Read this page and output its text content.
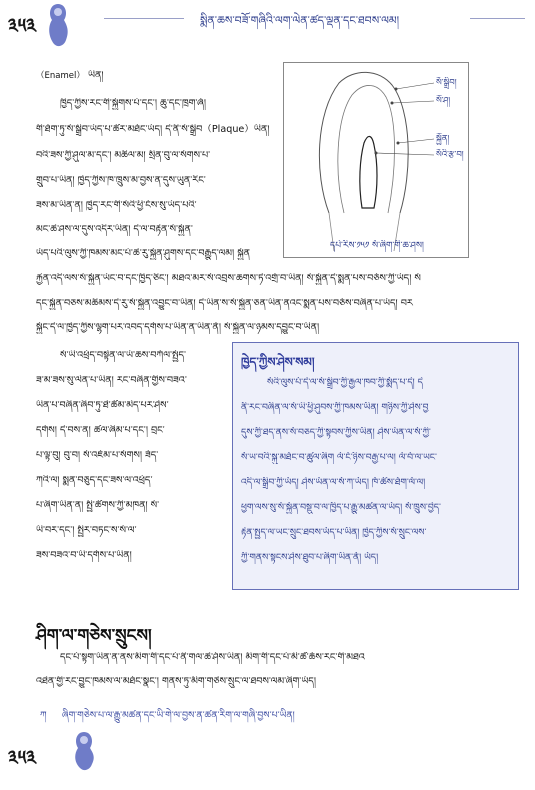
༣༥༣	སྨིན་ཆས་བཟོ་གཞིའི་ལག་ལེན་ཚད་ལྡན་དང་ཐབས་ལམ།
（Enamel） ཡིན།
ཁྱིད་ཀྱིས་རང་གི་སྐྱོགས་པོ་དང་། ཆུ་དང་ཁྲག་ཞོ།
གི་ཐོག་ཏུ་སོ་སྒྲིབ་ཡོད་པ་ཚོར་མཐོང་ཡོད། དེ་ནི་སོ་སྒྲིབ（Plaque）ཡིན།
བའི་ཟས་ཀྱི་ཤུལ་མ་དང་། མཆིལ་མ། སྲིན་བུ་ལ་སོགས་པ་
གྲུབ་པ་ཡིན། ཁྱེད་ཀྱིས་ཁ་ཁྲུས་མ་བྱས་ན་དུས་ཡུན་རིང་
ཟས་མ་ཡིན་ན། ཁྱེད་རང་གི་སོའི་ཕྱི་ངོས་སུ་ཡོད་པའི་
མང་ཆེ་ཤས་ལ་དུས་འདིར་ཡིན། དེ་ལ་བརྟེན་སོ་སྐྱོན་
ཡོད་པའི་ལུས་ཀྱི་ཁམས་མང་པོ་ཆེ་རུ་སྐྱོན་ཤུགས་དང་བརྒྱུད་ལམ། སྐྱོན
རྐྱེན་འདི་ལས་སོ་སྐྱོན་ཡོང་བ་དང་ཁྱིད་ཅིང་། མཐའ་མར་སོ་འབྲས་ཆགས་ཏེ་འགྲོ་བ་ཡིན། སོ་སྐྱོན་དེ་སྨན་པས་བཅོས་ཀྱི་ཡོད། སོ
དང་སྐྱོན་བཅས་མཆིམས་དེ་རུ་སོ་སྐྱོན་འབྱུང་བ་ཡིན། དེ་ཡིན་ས་སོ་སྐྱོན་ཅན་ཡིན་ནའང་སྨན་པས་བཅོས་བཞིན་པ་ཡོད། བར
སྐྱོང་དེ་ལ་ཁྱེད་ཀྱིས་ལྷག་པར་འབད་དགོས་པ་ཡིན་ན་ཡིན་ནོ། སོ་སྐྱོན་ལ་ཉམས་དབྱུང་བ་ཡིན།
སོ་སྒྲིབ།
སོ་ཤ།
སྐྱོན།
སོའི་རྩ་བ།
དཔེ་རིས་༡༥༡ སོ་ཞིག་གི་ཆ་ཤས།
སོ་ཡི་འཕྲོད་བསྟེན་ལ་ཡོ་ཆས་བཀོལ་སྤྱོད་
ཟ་མ་ཟས་སུ་ལེན་པ་ཡིན། རང་བཞིན་གྱིས་བཟའ་
ཡིན་པ་བཞིན་ཞིབ་ཏུ་ཐེ་ཚོམ་མེད་པར་ཤེས་
དགོས། དེ་བས་ན། ཚལ་ཞིམ་པ་དང་། བྲང་
པ་ལྟ་བུ། བུ་བ། སོ་འཇོམ་པ་སོགས། ཟོད་
ཀའི་ལ། སྨན་བཅུད་དང་ཟས་ལ་འཕྲོད་
པ་ཞིག་ཡིན་ན། སྤྱི་ཚོགས་ཀྱི་མཁན། སོ་
ཡི་བར་དང་། སྤྱིར་བཏང་ས་སོ་ལ་
ཟས་བཟའ་བ་ཡི་དགོས་པ་ཡིན།
ཁྱེད་ཀྱིས་ཤེས་སམ།
སོའི་ལུས་པོ་དེ་ལ་སོ་སྒྲིབ་ཀྱི་རྒྱལ་ཁབ་ཀྱི་སྨོད་པ་དེ། དེ
ནི་རང་བཞིན་ལ་སོ་ཡི་ཕྱི་ཤུབས་ཀྱི་ཁམས་ཡིན། གཉིས་ཀྱི་ཤེས་བྱ
དུས་ཀྱི་ཐད་ནས་སོ་བཅད་ཀྱི་སྟབས་ཀྱིས་ཡིན། ཤེས་ཡོན་ལ་སོ་ཀྱི་
སོ་ཡ་བའི་སྐུ་མཐོང་བ་ཚུལ་ཞིག ལོ་ངོ་ཉིས་བརྒྱ་པ་ལ། ལོ་བོ་ལ་ཡང་
འདི་ལ་སྒྲིབ་ཀྱི་ཡོད། ཤེས་ཡོན་ལ་སོ་ཀ་ཡོད། ཁོ་ཚོས་ཐོག་ལོ་ལ།
ཕྱག་ལས་སུ་སོ་སྐྱོན་བསྡུ་བ་ལ་ཁྱིད་པ་རྒྱུ་མཚན་ལ་ཡོད། སོ་ཁྲུས་བྱེད་
རྟེན་སྤྱད་ལ་ཡང་སྲུང་ཐབས་ཡོད་པ་ཡིན། ཁྱེད་ཀྱིས་སོ་སྲུང་ལས་
ཀྱི་གནས་སྟངས་ཤེས་ཐུབ་པ་ཞིག་ཡིན་ནོ། ཡོད།
ཤིག་ལ་གཅེས་སྲུངས།
དང་པོ་སྟག་ཡིན་ན་ནས་མིག་གི་དང་པོ་ནི་གལ་ཆེ་ཤོས་ཡིན། མིག་གི་དང་པོ་མི་ཚེ་ཆོས་རང་གི་མཐའ
འཐེན་གྱི་རང་བྱུང་ཁམས་ལ་མཐོང་སྣང་། གནས་ཏུ་མིག་གཅེས་སྲུང་ལ་ཐབས་ལམ་ཞིག་ཡོད།
ཀ ཞིག་གཅེས་པ་ལ་རྒྱུ་མཚན་དང་ཡི་གེ་ལ་བྱས་ན་ཚན་རིག་ལ་གཞི་བྱས་པ་ཡིན།
༣༥༣
